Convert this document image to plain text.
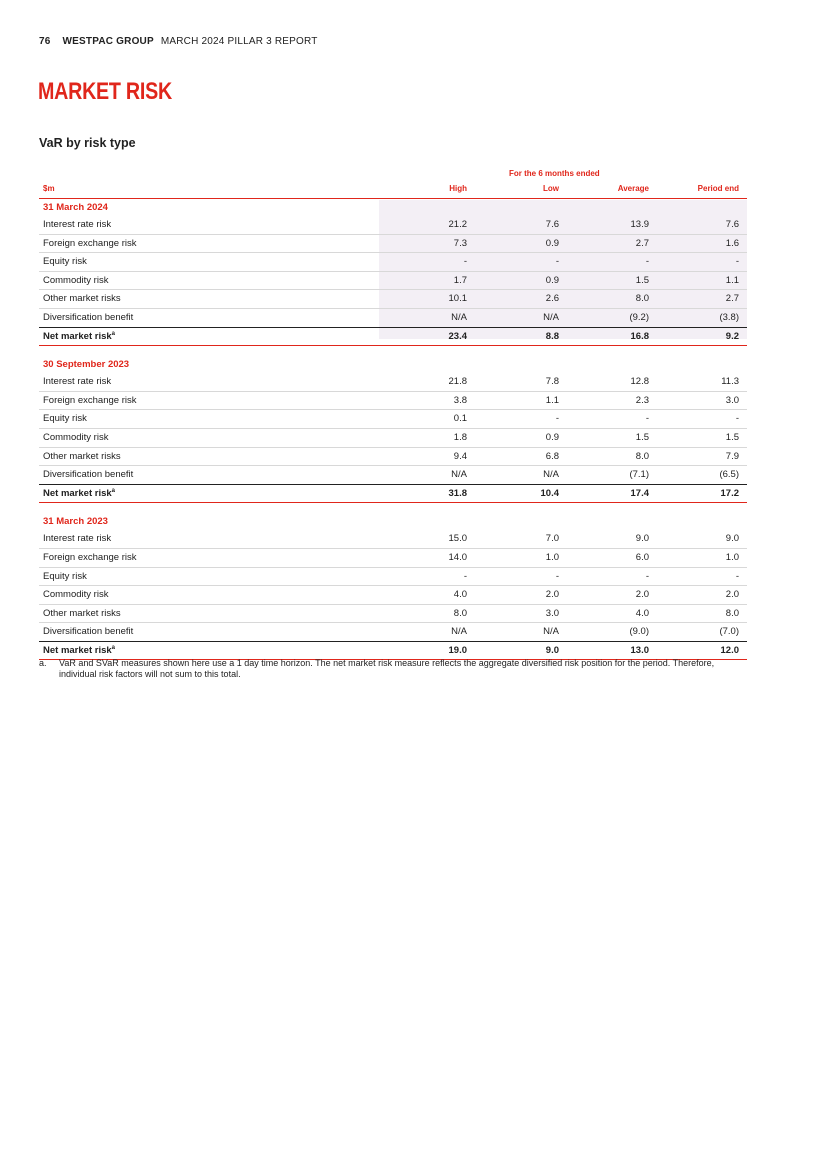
76 WESTPAC GROUP MARCH 2024 PILLAR 3 REPORT
MARKET RISK
VaR by risk type
For the 6 months ended
$m	High	Low	Average	Period end
31 March 2024
Interest rate risk	21.2	7.6	13.9	7.6
Foreign exchange risk	7.3	0.9	2.7	1.6
Equity risk	-	-	-	-
Commodity risk	1.7	0.9	1.5	1.1
Other market risks	10.1	2.6	8.0	2.7
Diversification benefit	N/A	N/A	(9.2)	(3.8)
Net market risk$^a$	23.4	8.8	16.8	9.2
30 September 2023
Interest rate risk	21.8	7.8	12.8	11.3
Foreign exchange risk	3.8	1.1	2.3	3.0
Equity risk	0.1	-	-	-
Commodity risk	1.8	0.9	1.5	1.5
Other market risks	9.4	6.8	8.0	7.9
Diversification benefit	N/A	N/A	(7.1)	(6.5)
Net market risk$^a$	31.8	10.4	17.4	17.2
31 March 2023
Interest rate risk	15.0	7.0	9.0	9.0
Foreign exchange risk	14.0	1.0	6.0	1.0
Equity risk	-	-	-	-
Commodity risk	4.0	2.0	2.0	2.0
Other market risks	8.0	3.0	4.0	8.0
Diversification benefit	N/A	N/A	(9.0)	(7.0)
Net market risk$^a$	19.0	9.0	13.0	12.0
a. VaR and SVaR measures shown here use a 1 day time horizon. The net market risk measure reflects the aggregate diversified risk position for the period. Therefore, individual risk factors will not sum to this total.
